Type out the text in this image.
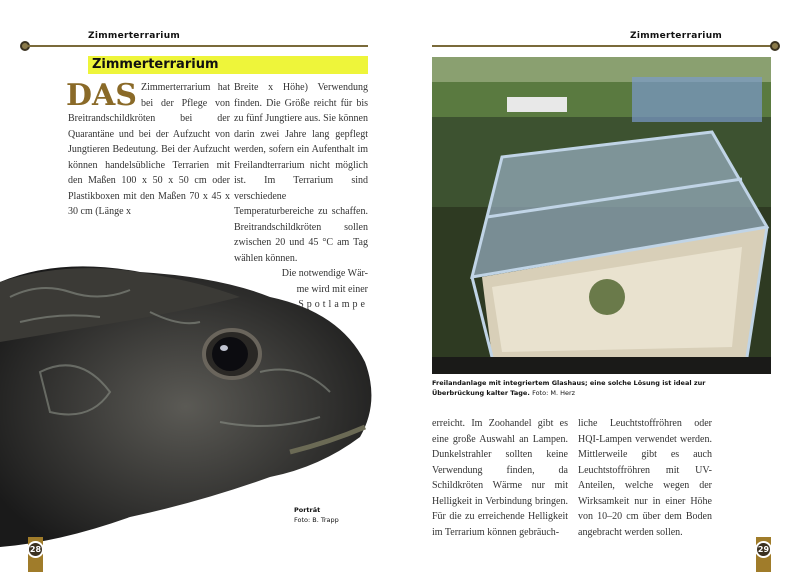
Zimmerterrarium	Zimmerterrarium
Zimmerterrarium
DAS Zimmerterrarium hat bei der Pflege von Breitrandschildkröten bei der Quarantäne und bei der Aufzucht von Jungtieren Bedeutung. Bei der Aufzucht können handelsübliche Terrarien mit den Maßen 100 x 50 x 50 cm oder Plastikboxen mit den Maßen 70 x 45 x 30 cm (Länge x
Breite x Höhe) Verwendung finden. Die Größe reicht für bis zu fünf Jungtiere aus. Sie können darin zwei Jahre lang gepflegt werden, sofern ein Aufenthalt im Freilandterrarium nicht möglich ist. Im Terrarium sind verschiedene Temperaturbereiche zu schaffen. Breitrandschildkröten sollen zwischen 20 und 45 °C am Tag wählen können.
Die notwendige Wär-
me wird mit einer
Spotlampe
Porträt
Foto: B. Trapp
28
Freilandanlage mit integriertem Glashaus; eine solche Lösung ist ideal zur Überbrückung kalter Tage. Foto: M. Herz
erreicht. Im Zoohandel gibt es eine große Auswahl an Lampen. Dunkelstrahler sollten keine Verwendung finden, da Schildkröten Wärme nur mit Helligkeit in Verbindung bringen. Für die zu erreichende Helligkeit im Terrarium können gebräuch-
liche Leuchtstoffröhren oder HQI-Lampen verwendet werden. Mittlerweile gibt es auch Leuchtstoffröhren mit UV-Anteilen, welche wegen der Wirksamkeit nur in einer Höhe von 10–20 cm über dem Boden angebracht werden sollen.
29
